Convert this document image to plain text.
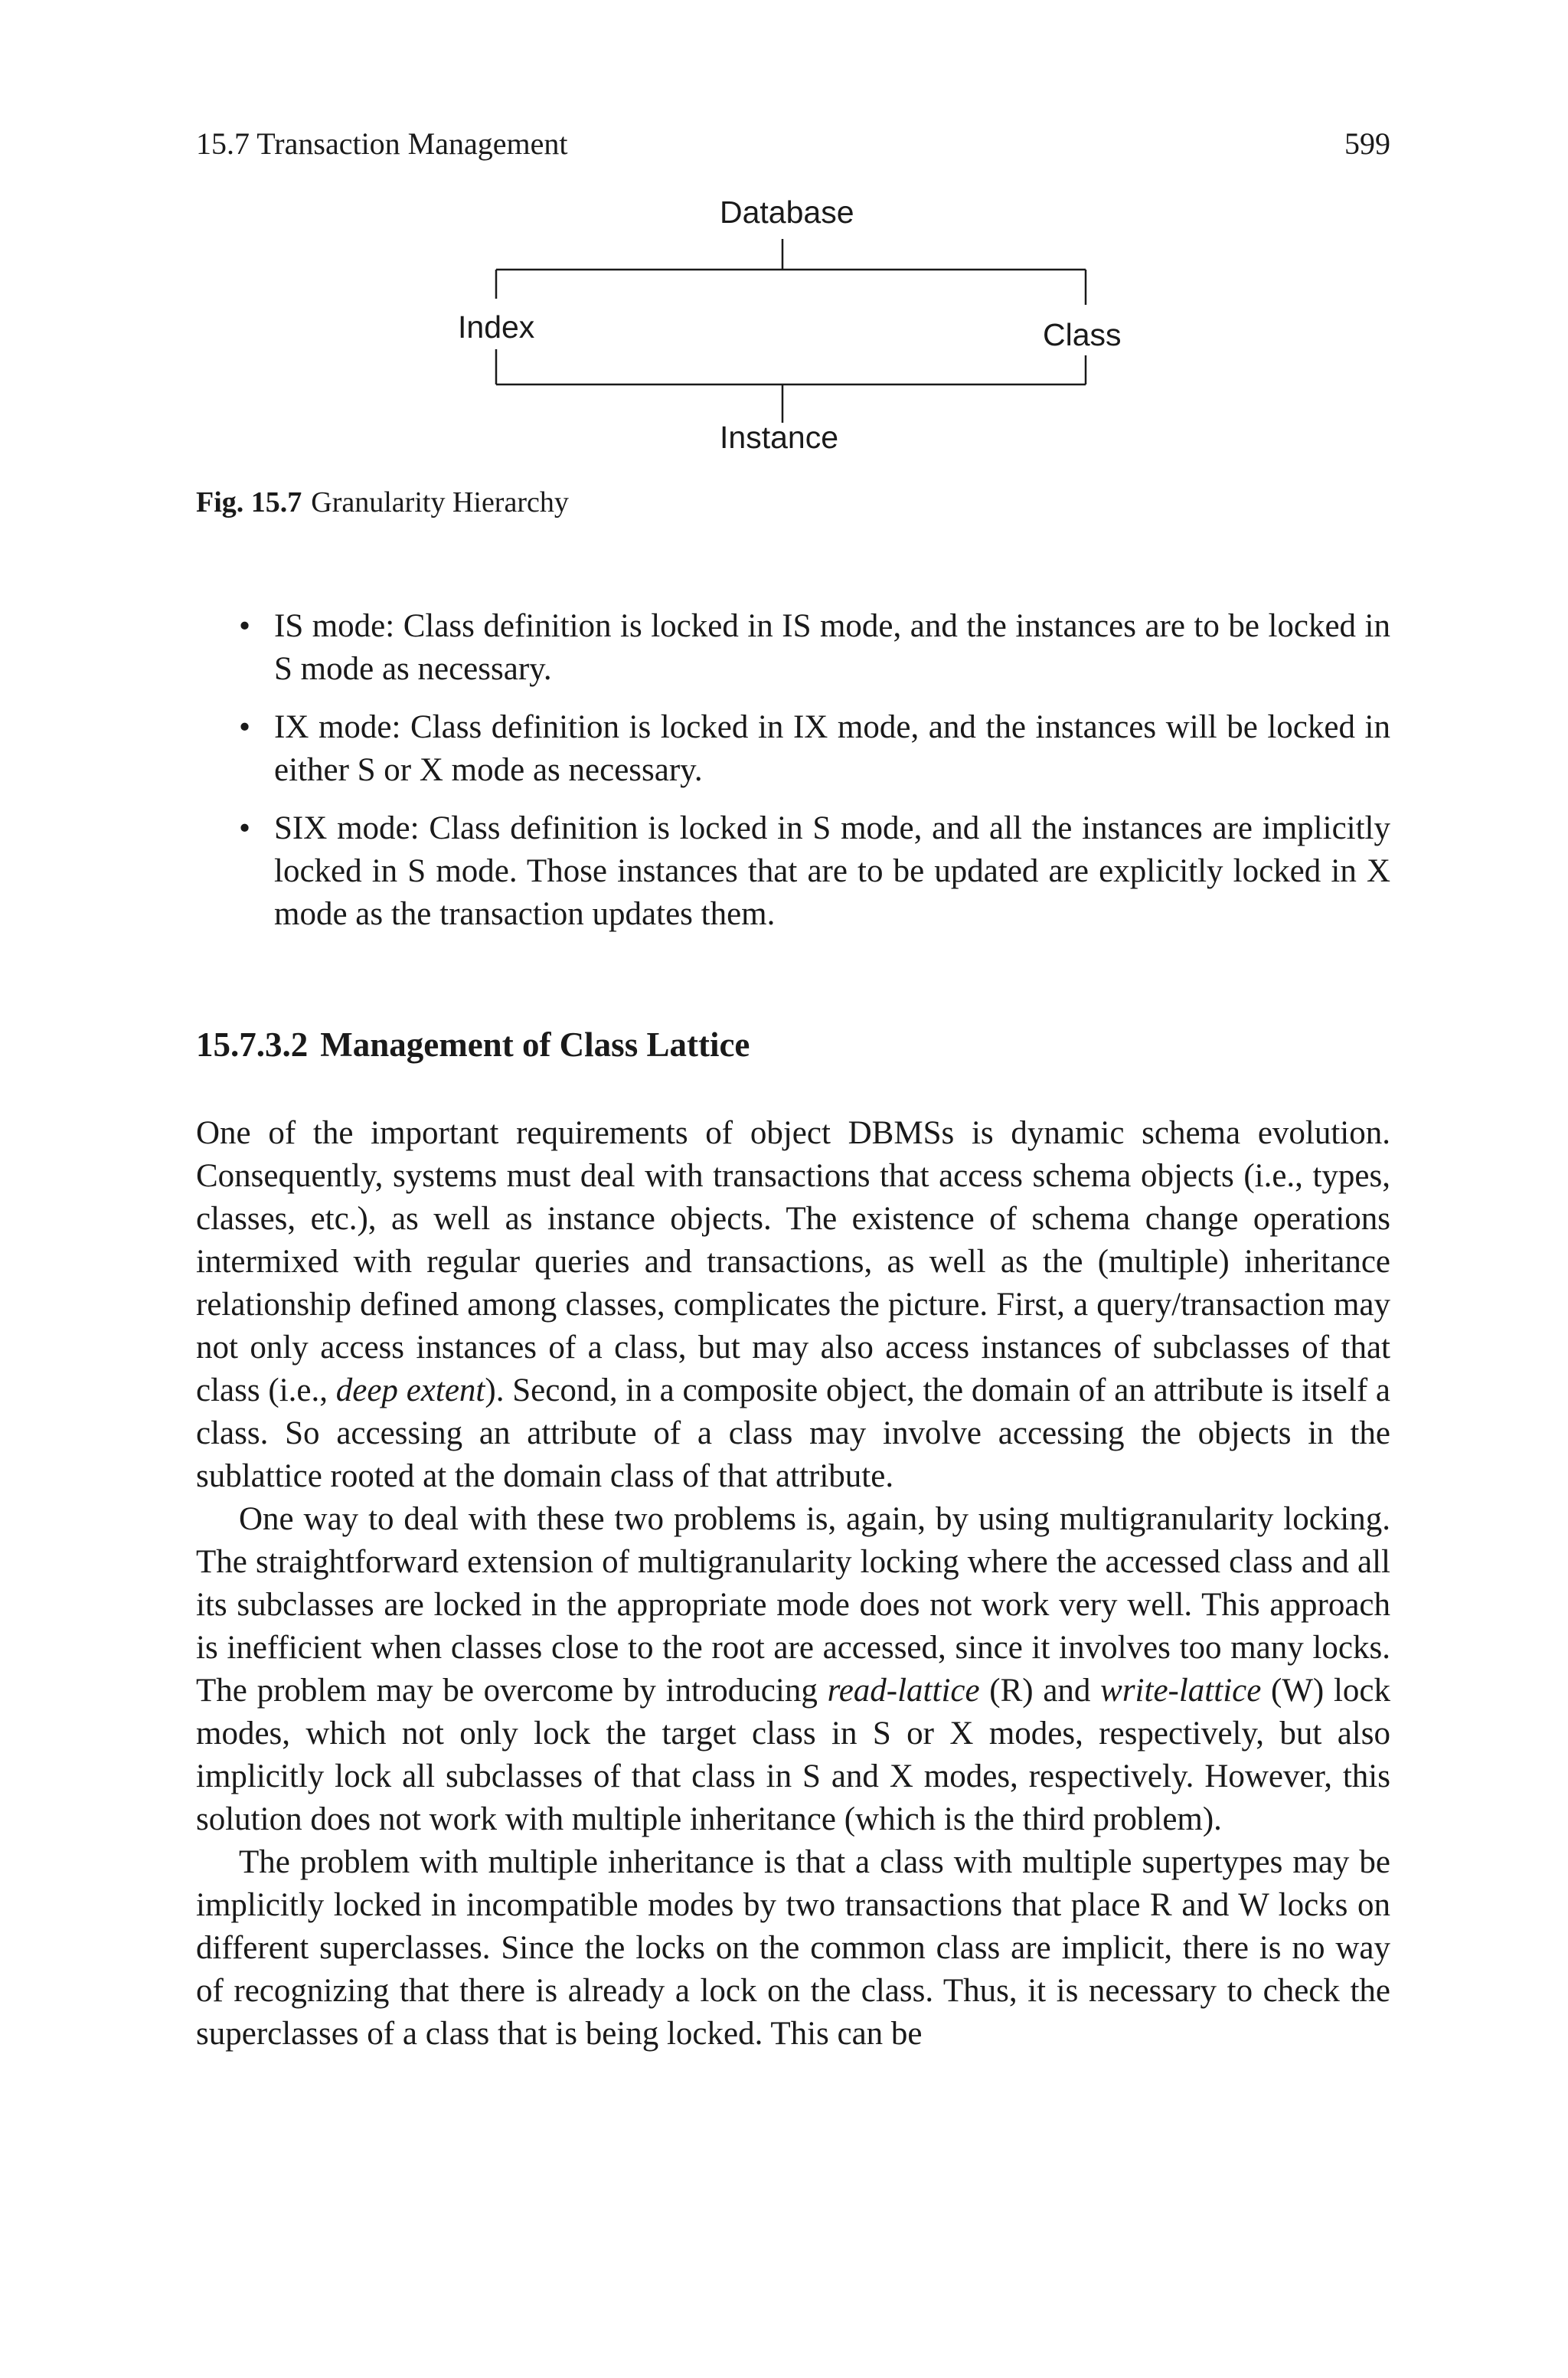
15.7 Transaction Management	599
Database
Index	Class
Instance
Fig. 15.7 Granularity Hierarchy
• IS mode: Class definition is locked in IS mode, and the instances are to be locked in S mode as necessary.
• IX mode: Class definition is locked in IX mode, and the instances will be locked in either S or X mode as necessary.
• SIX mode: Class definition is locked in S mode, and all the instances are implicitly locked in S mode. Those instances that are to be updated are explicitly locked in X mode as the transaction updates them.
15.7.3.2 Management of Class Lattice

One of the important requirements of object DBMSs is dynamic schema evolution. Consequently, systems must deal with transactions that access schema objects (i.e., types, classes, etc.), as well as instance objects. The existence of schema change operations intermixed with regular queries and transactions, as well as the (multiple) inheritance relationship defined among classes, complicates the picture. First, a query/transaction may not only access instances of a class, but may also access instances of subclasses of that class (i.e., deep extent). Second, in a composite object, the domain of an attribute is itself a class. So accessing an attribute of a class may involve accessing the objects in the sublattice rooted at the domain class of that attribute.

One way to deal with these two problems is, again, by using multigranularity locking. The straightforward extension of multigranularity locking where the accessed class and all its subclasses are locked in the appropriate mode does not work very well. This approach is inefficient when classes close to the root are accessed, since it involves too many locks. The problem may be overcome by introducing read-lattice (R) and write-lattice (W) lock modes, which not only lock the target class in S or X modes, respectively, but also implicitly lock all subclasses of that class in S and X modes, respectively. However, this solution does not work with multiple inheritance (which is the third problem).

The problem with multiple inheritance is that a class with multiple supertypes may be implicitly locked in incompatible modes by two transactions that place R and W locks on different superclasses. Since the locks on the common class are implicit, there is no way of recognizing that there is already a lock on the class. Thus, it is necessary to check the superclasses of a class that is being locked. This can be
